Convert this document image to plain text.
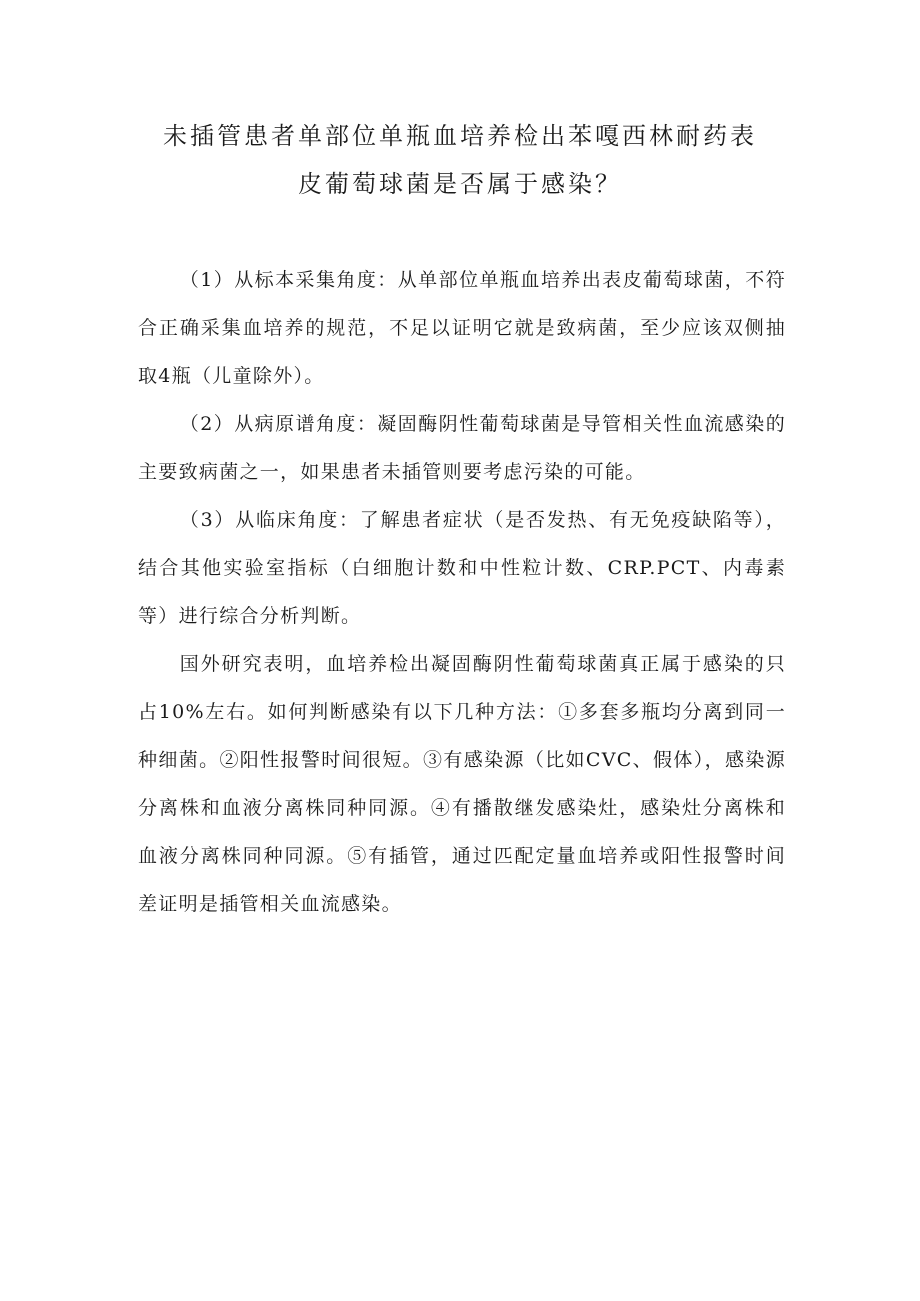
未插管患者单部位单瓶血培养检出苯嘎西林耐药表
皮葡萄球菌是否属于感染？

（1）从标本采集角度：从单部位单瓶血培养出表皮葡萄球菌，不符合正确采集血培养的规范，不足以证明它就是致病菌，至少应该双侧抽取4瓶（儿童除外）。

（2）从病原谱角度：凝固酶阴性葡萄球菌是导管相关性血流感染的主要致病菌之一，如果患者未插管则要考虑污染的可能。

（3）从临床角度：了解患者症状（是否发热、有无免疫缺陷等），结合其他实验室指标（白细胞计数和中性粒计数、CRP.PCT、内毒素等）进行综合分析判断。

国外研究表明，血培养检出凝固酶阴性葡萄球菌真正属于感染的只占10%左右。如何判断感染有以下几种方法：①多套多瓶均分离到同一种细菌。②阳性报警时间很短。③有感染源（比如CVC、假体），感染源分离株和血液分离株同种同源。④有播散继发感染灶，感染灶分离株和血液分离株同种同源。⑤有插管，通过匹配定量血培养或阳性报警时间差证明是插管相关血流感染。
